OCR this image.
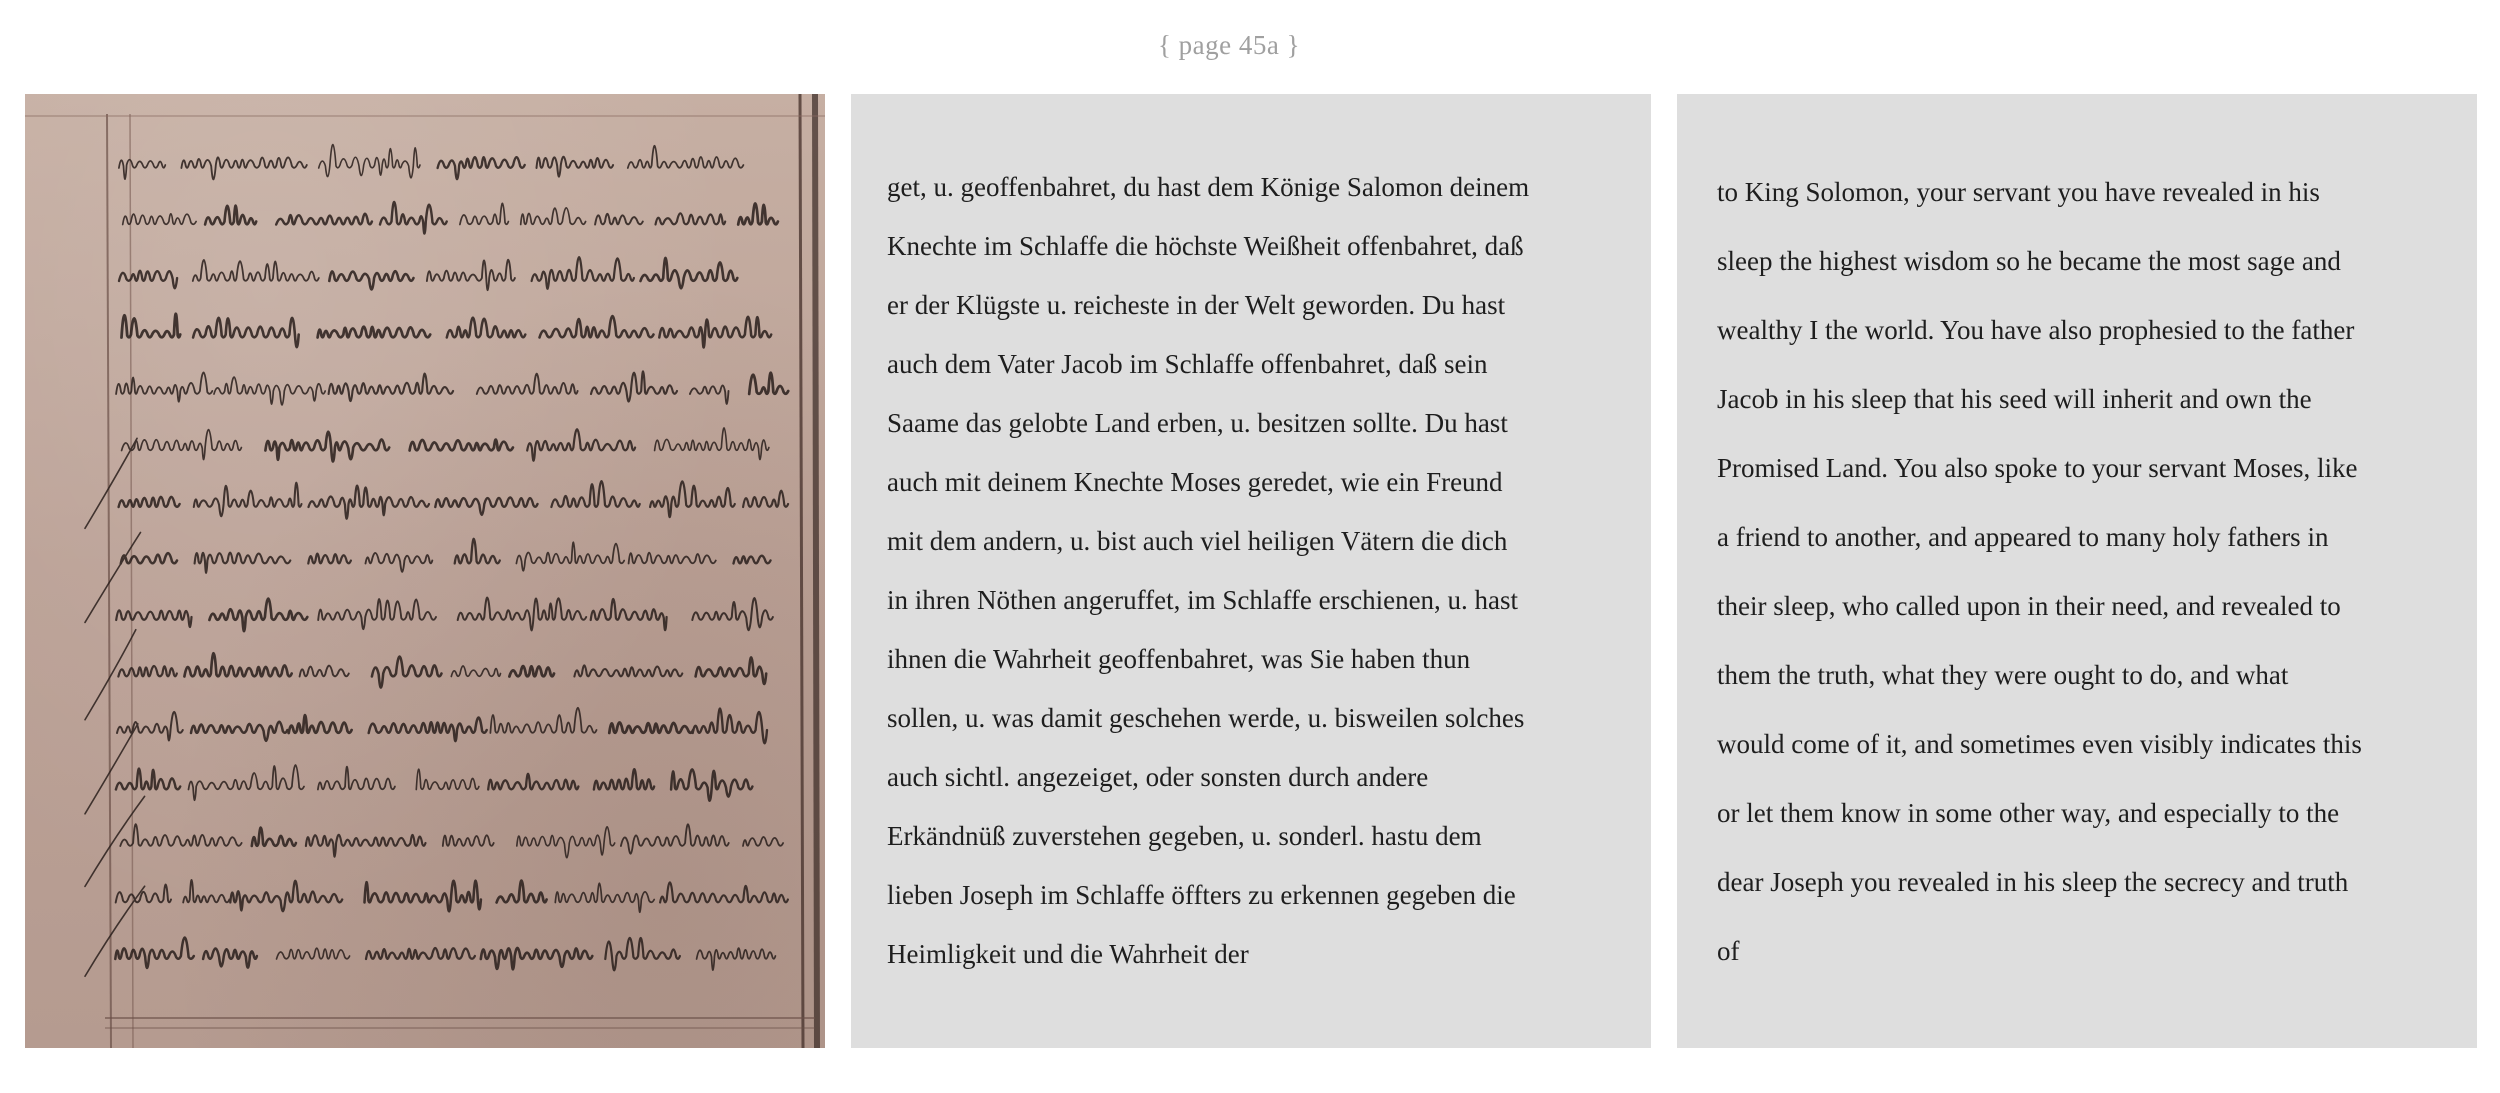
{ page 45a }
get, u. geoffenbahret, du hast dem Könige Salomon deinem
Knechte im Schlaffe die höchste Weißheit offenbahret, daß
er der Klügste u. reicheste in der Welt geworden. Du hast
auch dem Vater Jacob im Schlaffe offenbahret, daß sein
Saame das gelobte Land erben, u. besitzen sollte. Du hast
auch mit deinem Knechte Moses geredet, wie ein Freund
mit dem andern, u. bist auch viel heiligen Vätern die dich
in ihren Nöthen angeruffet, im Schlaffe erschienen, u. hast
ihnen die Wahrheit geoffenbahret, was Sie haben thun
sollen, u. was damit geschehen werde, u. bisweilen solches
auch sichtl. angezeiget, oder sonsten durch andere
Erkändnüß zuverstehen gegeben, u. sonderl. hastu dem
lieben Joseph im Schlaffe öffters zu erkennen gegeben die
Heimligkeit und die Wahrheit der
to King Solomon, your servant you have revealed in his
sleep the highest wisdom so he became the most sage and
wealthy I the world. You have also prophesied to the father
Jacob in his sleep that his seed will inherit and own the
Promised Land. You also spoke to your servant Moses, like
a friend to another, and appeared to many holy fathers in
their sleep, who called upon in their need, and revealed to
them the truth, what they were ought to do, and what
would come of it, and sometimes even visibly indicates this
or let them know in some other way, and especially to the
dear Joseph you revealed in his sleep the secrecy and truth
of
